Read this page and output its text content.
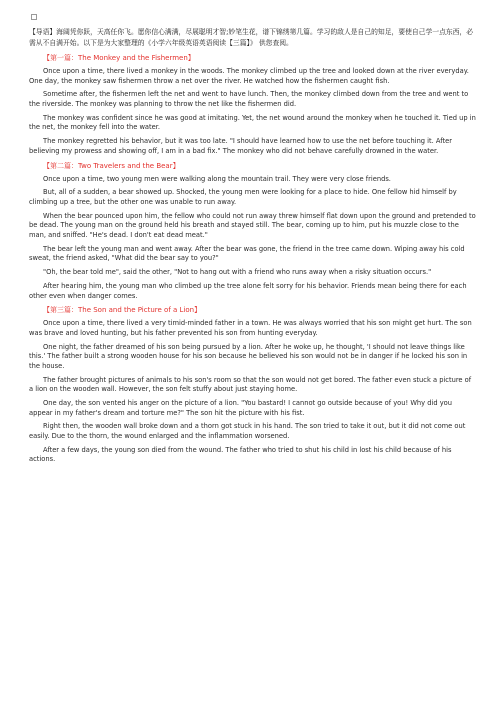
【导语】海阔凭你跃，天高任你飞。愿你信心满满，尽展聪明才智;妙笔生花，谱下锦绣第几篇。学习的敌人是自己的知足，要使自己学一点东西，必需从不自满开始。以下是为大家整理的《小学六年级英语英语阅读【三篇】》 供您查阅。

【第一篇：The Monkey and the Fishermen】

Once upon a time, there lived a monkey in the woods. The monkey climbed up the tree and looked down at the river everyday. One day, the monkey saw fishermen throw a net over the river. He watched how the fishermen caught fish.

Sometime after, the fishermen left the net and went to have lunch. Then, the monkey climbed down from the tree and went to the riverside. The monkey was planning to throw the net like the fishermen did.

The monkey was confident since he was good at imitating. Yet, the net wound around the monkey when he touched it. Tied up in the net, the monkey fell into the water.

The monkey regretted his behavior, but it was too late. "I should have learned how to use the net before touching it. After believing my prowess and showing off, I am in a bad fix." The monkey who did not behave carefully drowned in the water.

【第二篇：Two Travelers and the Bear】

Once upon a time, two young men were walking along the mountain trail. They were very close friends.

But, all of a sudden, a bear showed up. Shocked, the young men were looking for a place to hide. One fellow hid himself by climbing up a tree, but the other one was unable to run away.

When the bear pounced upon him, the fellow who could not run away threw himself flat down upon the ground and pretended to be dead. The young man on the ground held his breath and stayed still. The bear, coming up to him, put his muzzle close to the man, and sniffed. "He's dead. I don't eat dead meat."

The bear left the young man and went away. After the bear was gone, the friend in the tree came down. Wiping away his cold sweat, the friend asked, "What did the bear say to you?"

"Oh, the bear told me", said the other, "Not to hang out with a friend who runs away when a risky situation occurs."

After hearing him, the young man who climbed up the tree alone felt sorry for his behavior. Friends mean being there for each other even when danger comes.

【第三篇：The Son and the Picture of a Lion】

Once upon a time, there lived a very timid-minded father in a town. He was always worried that his son might get hurt. The son was brave and loved hunting, but his father prevented his son from hunting everyday.

One night, the father dreamed of his son being pursued by a lion. After he woke up, he thought, 'I should not leave things like this.' The father built a strong wooden house for his son because he believed his son would not be in danger if he locked his son in the house.

The father brought pictures of animals to his son's room so that the son would not get bored. The father even stuck a picture of a lion on the wooden wall. However, the son felt stuffy about just staying home.

One day, the son vented his anger on the picture of a lion. "You bastard! I cannot go outside because of you! Why did you appear in my father's dream and torture me?" The son hit the picture with his fist.

Right then, the wooden wall broke down and a thorn got stuck in his hand. The son tried to take it out, but it did not come out easily. Due to the thorn, the wound enlarged and the inflammation worsened.

After a few days, the young son died from the wound. The father who tried to shut his child in lost his child because of his actions.
